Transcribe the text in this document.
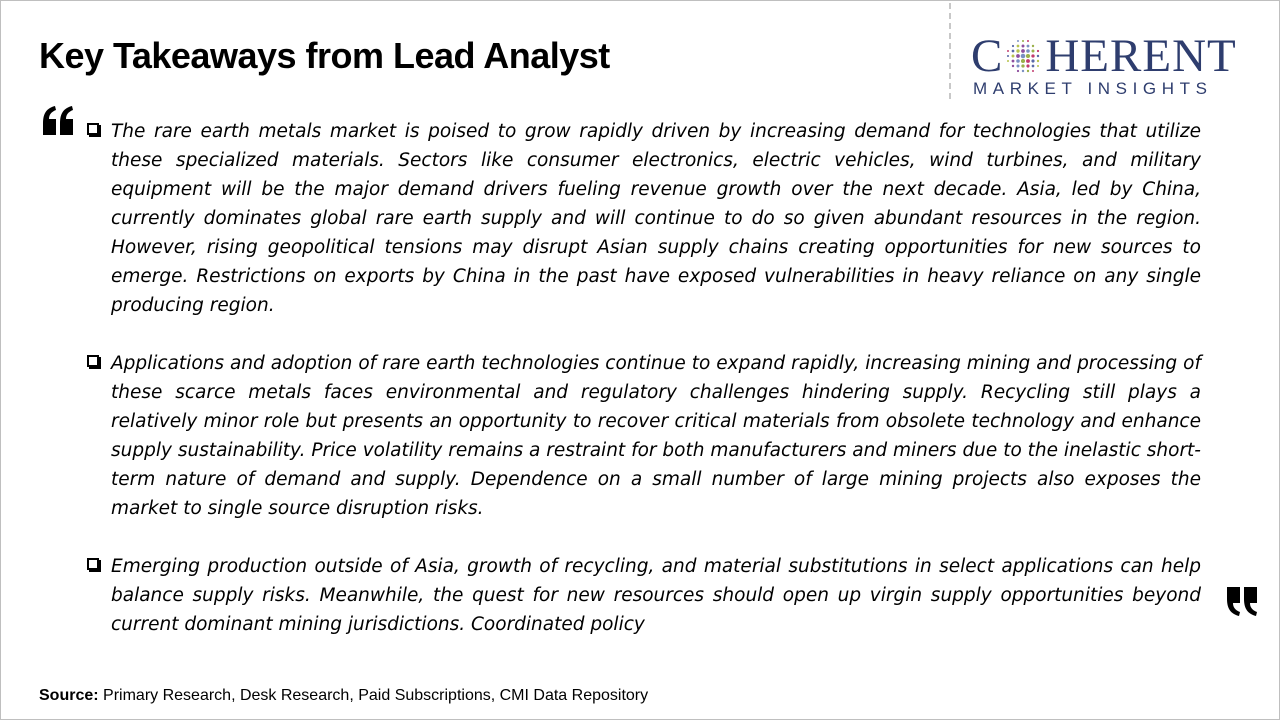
Key Takeaways from Lead Analyst	C HERENT
MARKET INSIGHTS

The rare earth metals market is poised to grow rapidly driven by increasing demand for technologies that utilize these specialized materials. Sectors like consumer electronics, electric vehicles, wind turbines, and military equipment will be the major demand drivers fueling revenue growth over the next decade. Asia, led by China, currently dominates global rare earth supply and will continue to do so given abundant resources in the region. However, rising geopolitical tensions may disrupt Asian supply chains creating opportunities for new sources to emerge. Restrictions on exports by China in the past have exposed vulnerabilities in heavy reliance on any single producing region.

Applications and adoption of rare earth technologies continue to expand rapidly, increasing mining and processing of these scarce metals faces environmental and regulatory challenges hindering supply. Recycling still plays a relatively minor role but presents an opportunity to recover critical materials from obsolete technology and enhance supply sustainability. Price volatility remains a restraint for both manufacturers and miners due to the inelastic short-term nature of demand and supply. Dependence on a small number of large mining projects also exposes the market to single source disruption risks.

Emerging production outside of Asia, growth of recycling, and material substitutions in select applications can help balance supply risks. Meanwhile, the quest for new resources should open up virgin supply opportunities beyond current dominant mining jurisdictions. Coordinated policy

Source: Primary Research, Desk Research, Paid Subscriptions, CMI Data Repository
